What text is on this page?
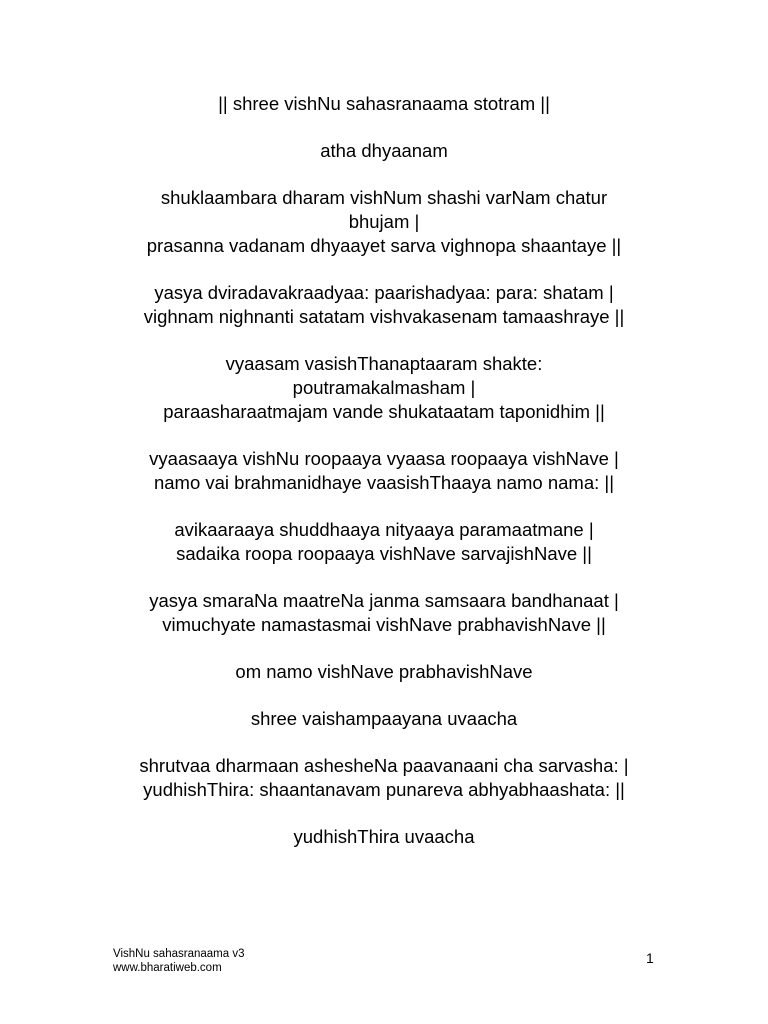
|| shree vishNu sahasranaama stotram ||
atha dhyaanam
shuklaambara dharam vishNum shashi varNam chatur
bhujam |
prasanna vadanam dhyaayet sarva vighnopa shaantaye ||
yasya dviradavakraadyaa: paarishadyaa: para: shatam |
vighnam nighnanti satatam vishvakasenam tamaashraye ||
vyaasam vasishThanaptaaram shakte:
poutramakalmasham |
paraasharaatmajam vande shukataatam taponidhim ||
vyaasaaya vishNu roopaaya vyaasa roopaaya vishNave |
namo vai brahmanidhaye vaasishThaaya namo nama: ||
avikaaraaya shuddhaaya nityaaya paramaatmane |
sadaika roopa roopaaya vishNave sarvajishNave ||
yasya smaraNa maatreNa janma samsaara bandhanaat |
vimuchyate namastasmai vishNave prabhavishNave ||
om namo vishNave prabhavishNave
shree vaishampaayana uvaacha
shrutvaa dharmaan ashesheNa paavanaani cha sarvasha: |
yudhishThira: shaantanavam punareva abhyabhaashata: ||
yudhishThira uvaacha
VishNu sahasranaama v3
www.bharatiweb.com
1
